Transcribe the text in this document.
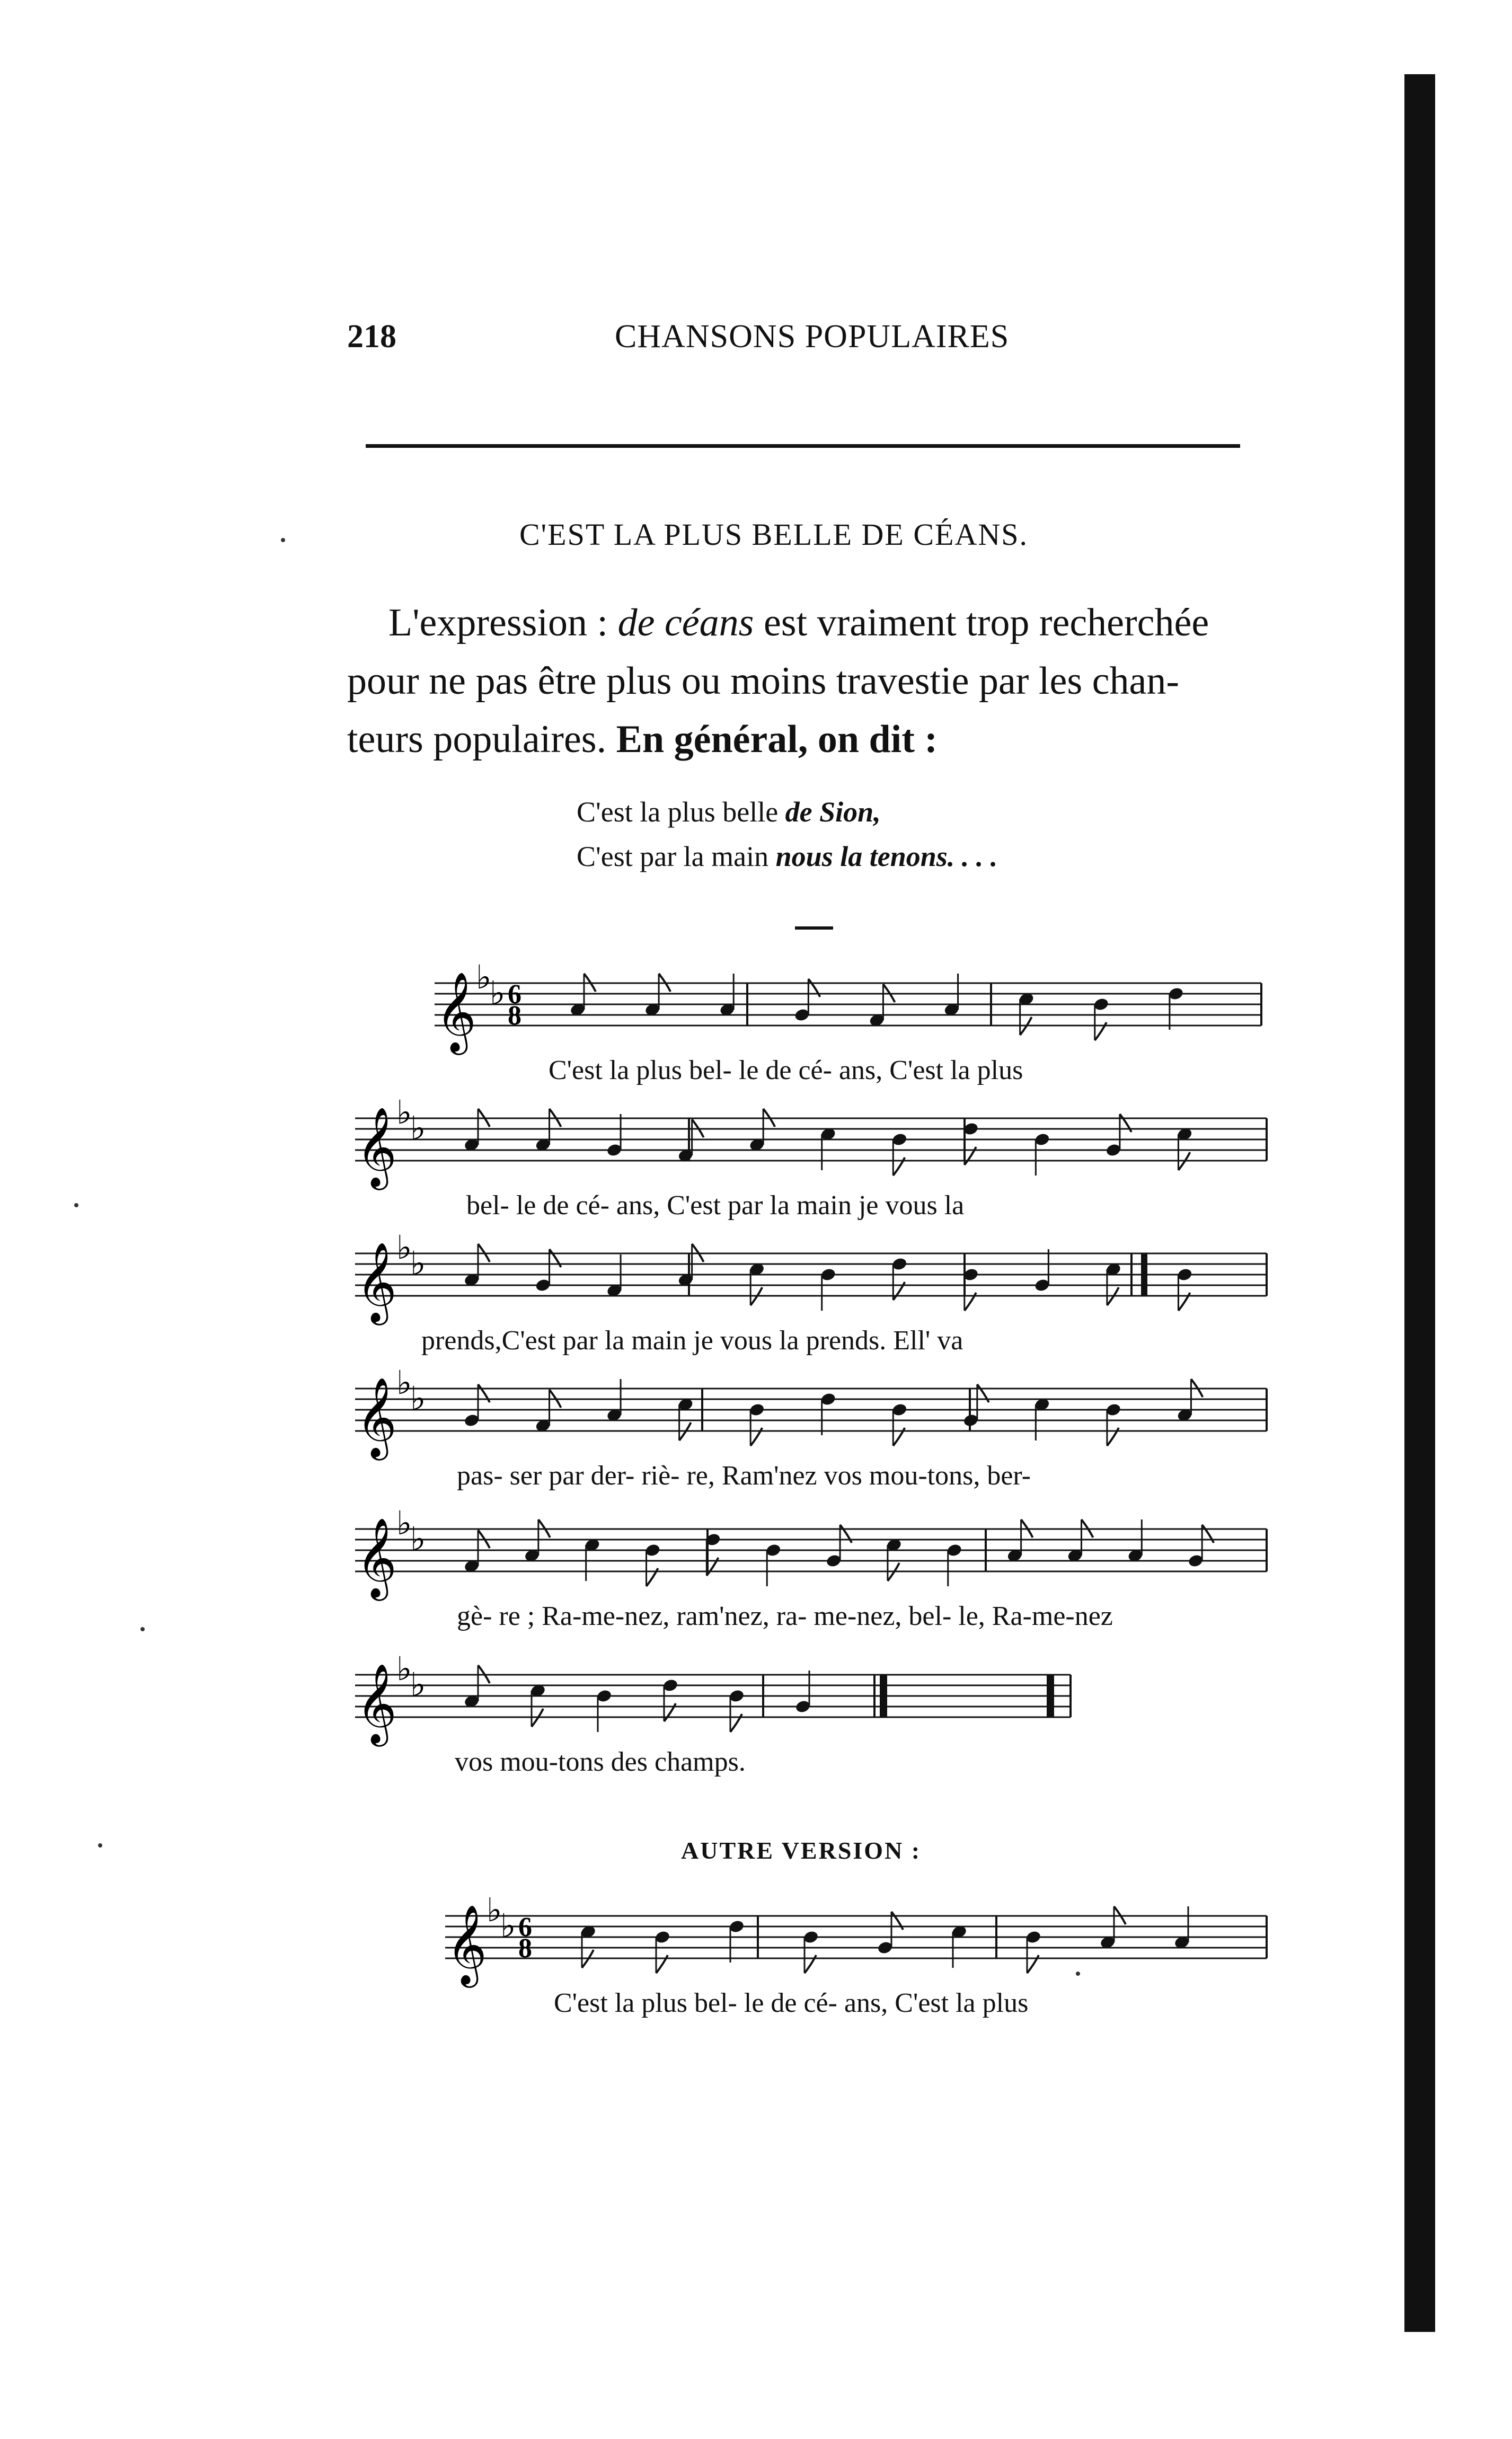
218	CHANSONS POPULAIRES
C'EST LA PLUS BELLE DE CÉANS.
L'expression : de céans est vraiment trop recherchée
pour ne pas être plus ou moins travestie par les chan-
teurs populaires. En général, on dit :
C'est la plus belle de Sion,
C'est par la main nous la tenons. . . .
𝄞 ♭
♭ 6
8
𝄞 ♭
♭
𝄞 ♭
♭
𝄞 ♭
♭
𝄞 ♭
♭
𝄞 ♭
♭
𝄞 ♭
♭ 6
8
C'est la plus bel- le de cé- ans, C'est la plus
bel- le de cé- ans, C'est par la main je vous la
prends,C'est par la main je vous la prends. Ell' va
pas- ser par der- riè- re, Ram'nez vos mou-tons, ber-
gè- re ; Ra-me-nez, ram'nez, ra- me-nez, bel- le, Ra-me-nez
vos mou-tons des champs.
AUTRE VERSION :
C'est la plus bel- le de cé- ans, C'est la plus
